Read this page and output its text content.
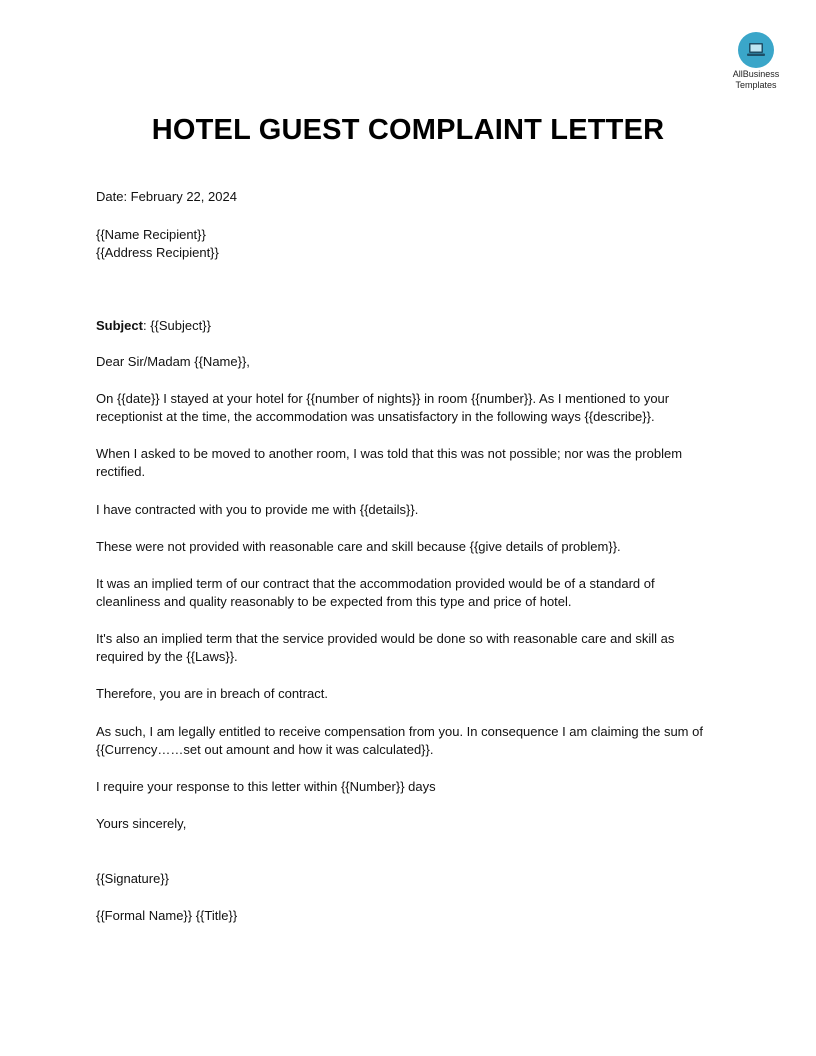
AllBusiness
Templates
HOTEL GUEST COMPLAINT LETTER
Date: February 22, 2024
{{Name Recipient}}
{{Address Recipient}}
Subject: {{Subject}}
Dear Sir/Madam {{Name}},
On {{date}} I stayed at your hotel for {{number of nights}} in room {{number}}. As I mentioned to your receptionist at the time, the accommodation was unsatisfactory in the following ways {{describe}}.
When I asked to be moved to another room, I was told that this was not possible; nor was the problem rectified.
I have contracted with you to provide me with {{details}}.
These were not provided with reasonable care and skill because {{give details of problem}}.
It was an implied term of our contract that the accommodation provided would be of a standard of cleanliness and quality reasonably to be expected from this type and price of hotel.
It's also an implied term that the service provided would be done so with reasonable care and skill as required by the {{Laws}}.
Therefore, you are in breach of contract.
As such, I am legally entitled to receive compensation from you. In consequence I am claiming the sum of {{Currency……set out amount and how it was calculated}}.
I require your response to this letter within {{Number}} days
Yours sincerely,
{{Signature}}
{{Formal Name}} {{Title}}
